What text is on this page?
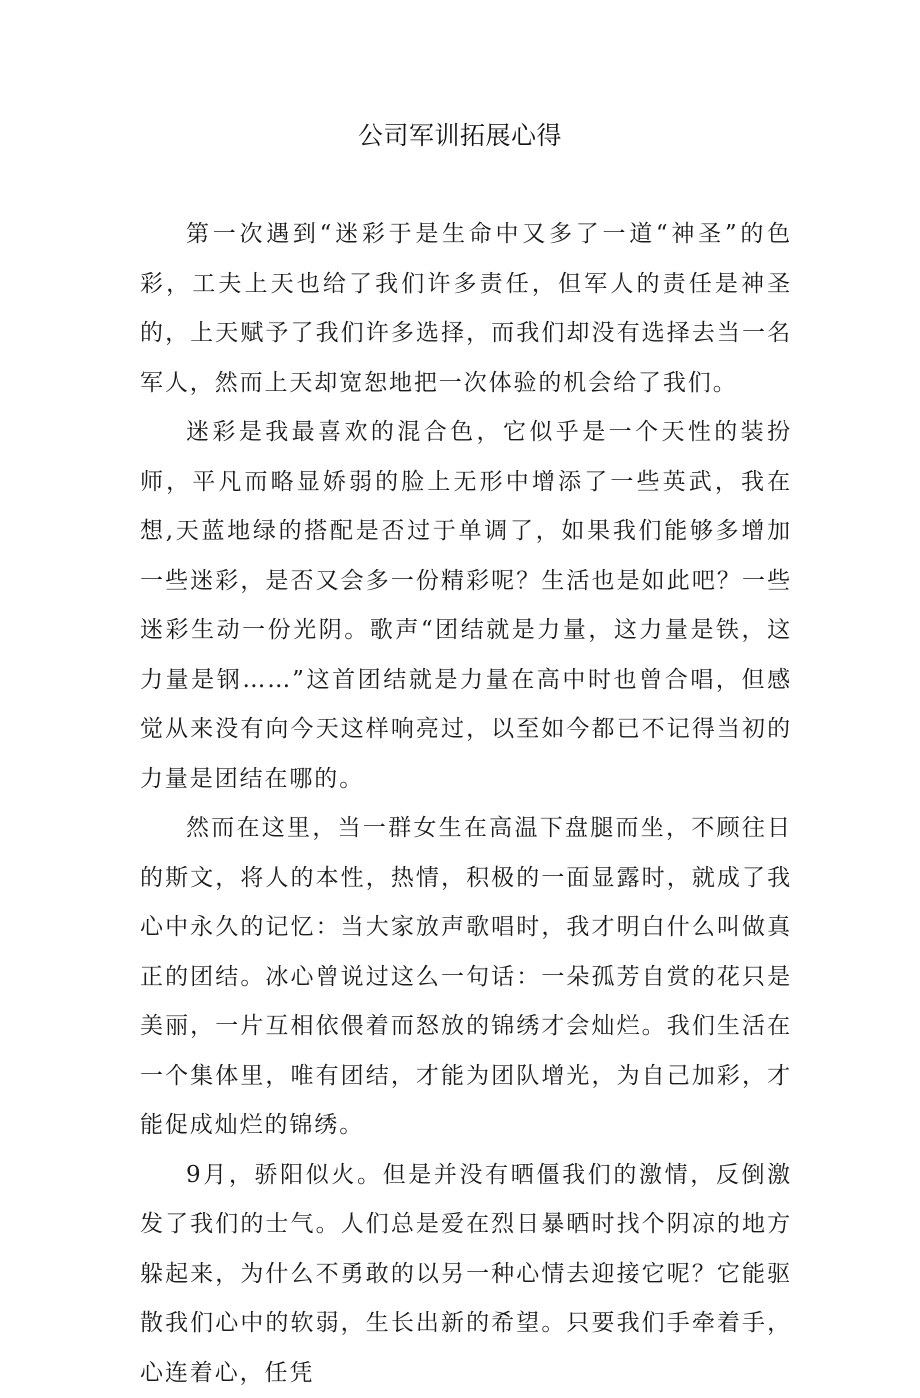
公司军训拓展心得

第一次遇到“迷彩于是生命中又多了一道“神圣”的色彩，工夫上天也给了我们许多责任，但军人的责任是神圣的，上天赋予了我们许多选择，而我们却没有选择去当一名军人，然而上天却宽恕地把一次体验的机会给了我们。

迷彩是我最喜欢的混合色，它似乎是一个天性的装扮师，平凡而略显娇弱的脸上无形中增添了一些英武，我在想,天蓝地绿的搭配是否过于单调了，如果我们能够多增加一些迷彩，是否又会多一份精彩呢？生活也是如此吧？一些迷彩生动一份光阴。歌声“团结就是力量，这力量是铁，这力量是钢……”这首团结就是力量在高中时也曾合唱，但感觉从来没有向今天这样响亮过，以至如今都已不记得当初的力量是团结在哪的。

然而在这里，当一群女生在高温下盘腿而坐，不顾往日的斯文，将人的本性，热情，积极的一面显露时，就成了我心中永久的记忆：当大家放声歌唱时，我才明白什么叫做真正的团结。冰心曾说过这么一句话：一朵孤芳自赏的花只是美丽，一片互相依偎着而怒放的锦绣才会灿烂。我们生活在一个集体里，唯有团结，才能为团队增光，为自己加彩，才能促成灿烂的锦绣。

9月，骄阳似火。但是并没有晒僵我们的激情，反倒激发了我们的士气。人们总是爱在烈日暴晒时找个阴凉的地方躲起来，为什么不勇敢的以另一种心情去迎接它呢？它能驱散我们心中的软弱，生长出新的希望。只要我们手牵着手，心连着心，任凭
